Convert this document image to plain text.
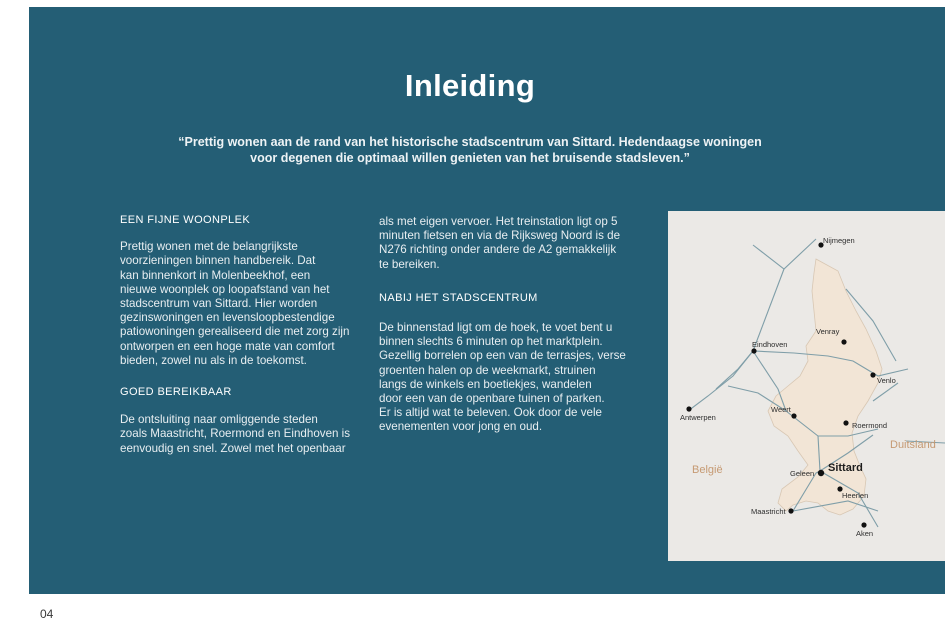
Inleiding
“Prettig wonen aan de rand van het historische stadscentrum van Sittard. Hedendaagse woningen voor degenen die optimaal willen genieten van het bruisende stadsleven.”
EEN FIJNE WOONPLEK

Prettig wonen met de belangrijkste
voorzieningen binnen handbereik. Dat
kan binnenkort in Molenbeekhof, een
nieuwe woonplek op loopafstand van het
stadscentrum van Sittard. Hier worden
gezinswoningen en levensloopbestendige
patiowoningen gerealiseerd die met zorg zijn
ontworpen en een hoge mate van comfort
bieden, zowel nu als in de toekomst.

GOED BEREIKBAAR

De ontsluiting naar omliggende steden
zoals Maastricht, Roermond en Eindhoven is
eenvoudig en snel. Zowel met het openbaar

als met eigen vervoer. Het treinstation ligt op 5
minuten fietsen en via de Rijksweg Noord is de
N276 richting onder andere de A2 gemakkelijk
te bereiken.

NABIJ HET STADSCENTRUM

De binnenstad ligt om de hoek, te voet bent u
binnen slechts 6 minuten op het marktplein.
Gezellig borrelen op een van de terrasjes, verse
groenten halen op de weekmarkt, struinen
langs de winkels en boetiekjes, wandelen
door een van de openbare tuinen of parken.
Er is altijd wat te beleven. Ook door de vele
evenementen voor jong en oud.

Nijmegen
Eindhoven
Venray
Venlo
Antwerpen
Weert
Roermond
Duitsland
België	Geleen Sittard
Heerlen
Maastricht
Aken
04
